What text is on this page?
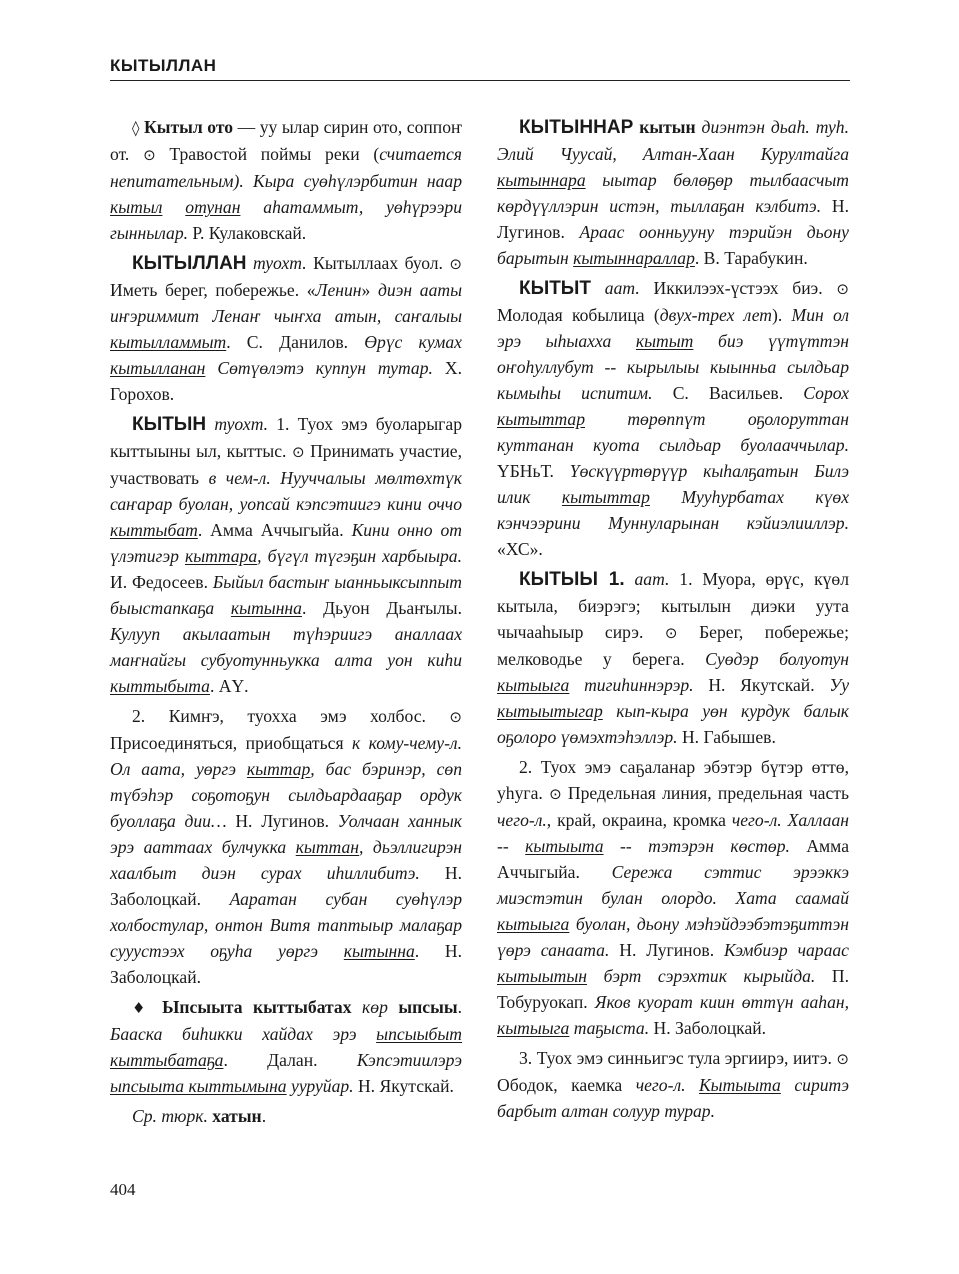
КЫТЫЛЛАН

◊ Кытыл ото — уу ылар сирин ото, соппоҥ от. ⊙ Травостой поймы реки (считается непитательным). Кыра суөһүлэрбитин наар кытыл отунан аһатаммыт, уөһүрээри гыннылар. Р. Кулаковскай.

КЫТЫЛЛАН туохт. Кытыллаах буол. ⊙ Иметь берег, побережье. «Ленин» диэн ааты иҥэриммит Ленаҥ чыҥха атын, саҥалыы кытылламмыт. С. Данилов. Өрүс кумах кытылланан Сөтүөлэтэ куппун тутар. Х. Горохов.

КЫТЫН туохт. 1. Туох эмэ буоларыгар кыттыыны ыл, кыттыс. ⊙ Принимать участие, участвовать в чем-л. Нууччалыы мөлтөхтүк саҥарар буолан, уопсай кэпсэтиигэ кини оччо кыттыбат. Амма Аччыгыйа. Кини онно от үлэтигэр кыттара, бүгүл түгэҕин харбыыра. И. Федосеев. Быйыл бастыҥ ыанньыксыппыт быыстапкаҕа кытынна. Дьуон Дьаҥылы. Кулууп акылаатын түһэриигэ аналлаах маҥнайгы субуотунньукка алта уон киһи кыттыбыта. АҮ.

2. Кимҥэ, туохха эмэ холбос. ⊙ Присоединяться, приобщаться к кому-чему-л. Ол аата, уөргэ кыттар, бас бэринэр, сөп түбэһэр соҕотоҕун сылдьардааҕар ордук буоллаҕа дии… Н. Лугинов. Уолчаан ханнык эрэ ааттаах булчукка кыттан, дьэллигирэн хаалбыт диэн сурах иһиллибитэ. Н. Заболоцкай. Ааратан субан суөһүлэр холбостулар, онтон Витя таптыыр малаҕар сууустээх оҕуһа уөргэ кытынна. Н. Заболоцкай.

♦ Ыпсыыта кыттыбатах көр ыпсыы. Бааска биһикки хайдах эрэ ыпсыыбыт кыттыбатаҕа. Далан. Кэпсэтиилэрэ ыпсыыта кыттымына ууруйар. Н. Якутскай.

Ср. тюрк. хатын.

КЫТЫННАР кытын диэнтэн дьаһ. туһ. Элий Чуусай, Алтан-Хаан Курултайга кытыннара ыытар бөлөҕөр тылбаасчыт көрдүүллэрин истэн, тыллаҕан кэлбитэ. Н. Лугинов. Араас оонньууну тэрийэн дьону барытын кытыннараллар. В. Тарабукин.

КЫТЫТ аат. Иккилээх-үстээх биэ. ⊙ Молодая кобылица (двух-трех лет). Мин ол эрэ ыһыахха кытыт биэ үүтүттэн оҥоһуллубут -- кырылыы кыынньа сылдьар кымыһы испитим. С. Васильев. Сорох кытыттар төрөппүт оҕолоруттан куттанан куота сылдьар буолааччылар. ҮБНьТ. Үөскүүртөрүүр кыһалҕатын Билэ илик кытыттар Мууһурбатах күөх кэнчээрини Муннуларынан кэйиэлииллэр. «ХС».

КЫТЫЫ 1. аат. 1. Муора, өрүс, күөл кытыла, биэрэгэ; кытылын диэки уута чычааһыыр сирэ. ⊙ Берег, побережье; мелководье у берега. Суөдэр болуотун кытыыга тигиһиннэрэр. Н. Якутскай. Уу кытыытыгар кып-кыра уөн курдук балык оҕолоро үөмэхтэһэллэр. Н. Габышев.

2. Туох эмэ саҕаланар эбэтэр бүтэр өттө, уһуга. ⊙ Предельная линия, предельная часть чего-л., край, окраина, кромка чего-л. Халлаан -- кытыыта -- тэтэрэн көстөр. Амма Аччыгыйа. Сережа сэттис эрээккэ миэстэтин булан олордо. Хата саамай кытыыга буолан, дьону мэһэйдээбэтэҕиттэн үөрэ санаата. Н. Лугинов. Кэмбиэр чараас кытыытын бэрт сэрэхтик кырыйда. П. Тобуруокап. Яков куорат киин өттүн ааһан, кытыыга таҕыста. Н. Заболоцкай.

3. Туох эмэ синньигэс тула эргиирэ, иитэ. ⊙ Ободок, каемка чего-л. Кытыыта сиритэ барбыт алтан солуур турар.

404
